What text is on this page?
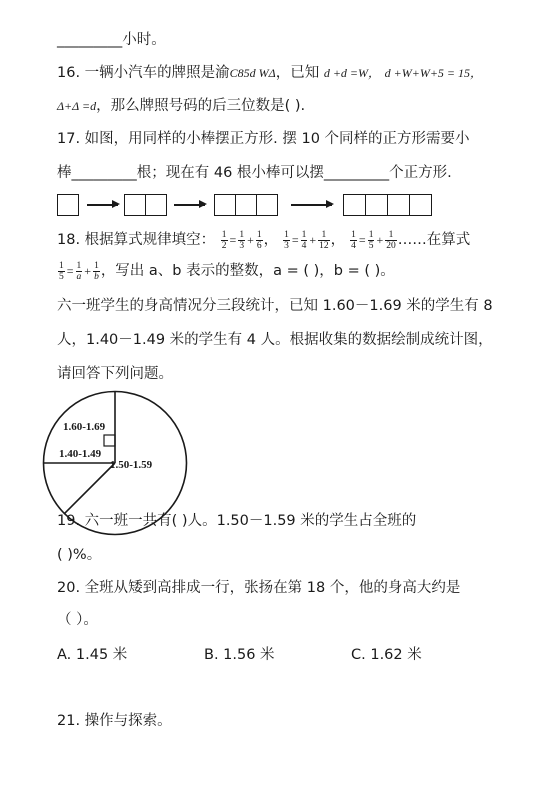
_________小时。
16. 一辆小汽车的牌照是渝C85d WΔ，已知 d +d =W， d +W+W+5 = 15，
Δ+Δ =d，那么牌照号码的后三位数是( ).
17. 如图，用同样的小棒摆正方形. 摆 10 个同样的正方形需要小
棒_________根；现在有 46 根小棒可以摆_________个正方形.
18. 根据算式规律填空： $\frac{1}{2} = \frac{1}{3} + \frac{1}{6}$ ， $\frac{1}{3} = \frac{1}{4} + \frac{1}{12}$ ， $\frac{1}{4} = \frac{1}{5} + \frac{1}{20}$ ……在算式
$\frac{1}{5} = \frac{1}{a} + \frac{1}{b}$ ，写出 a、b 表示的整数，a = ( )，b = ( )。
六一班学生的身高情况分三段统计，已知 1.60－1.69 米的学生有 8
人，1.40－1.49 米的学生有 4 人。根据收集的数据绘制成统计图，
请回答下列问题。
1.60-1.69
1.40-1.49
1.50-1.59
19. 六一班一共有( )人。1.50－1.59 米的学生占全班的
( )%。
20. 全班从矮到高排成一行，张扬在第 18 个，他的身高大约是
（ ）。
A. 1.45 米	B. 1.56 米	C. 1.62 米
21. 操作与探索。
